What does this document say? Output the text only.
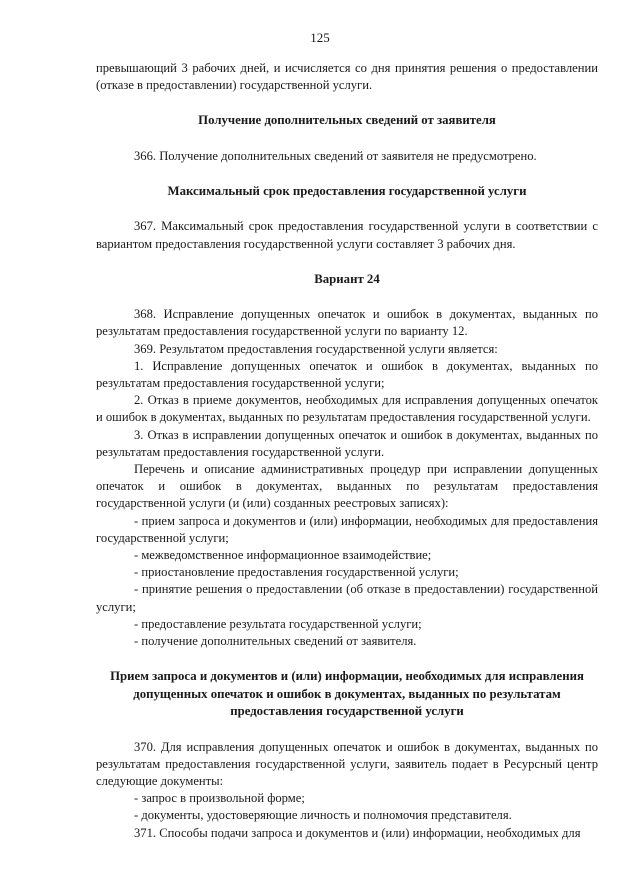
125

превышающий 3 рабочих дней, и исчисляется со дня принятия решения о предоставлении (отказе в предоставлении) государственной услуги.

Получение дополнительных сведений от заявителя

366. Получение дополнительных сведений от заявителя не предусмотрено.

Максимальный срок предоставления государственной услуги

367. Максимальный срок предоставления государственной услуги в соответствии с вариантом предоставления государственной услуги составляет 3 рабочих дня.

Вариант 24

368. Исправление допущенных опечаток и ошибок в документах, выданных по результатам предоставления государственной услуги по варианту 12.

369. Результатом предоставления государственной услуги является:

1. Исправление допущенных опечаток и ошибок в документах, выданных по результатам предоставления государственной услуги;

2. Отказ в приеме документов, необходимых для исправления допущенных опечаток и ошибок в документах, выданных по результатам предоставления государственной услуги.

3. Отказ в исправлении допущенных опечаток и ошибок в документах, выданных по результатам предоставления государственной услуги.

Перечень и описание административных процедур при исправлении допущенных опечаток и ошибок в документах, выданных по результатам предоставления государственной услуги (и (или) созданных реестровых записях):

- прием запроса и документов и (или) информации, необходимых для предоставления государственной услуги;

- межведомственное информационное взаимодействие;

- приостановление предоставления государственной услуги;

- принятие решения о предоставлении (об отказе в предоставлении) государственной услуги;

- предоставление результата государственной услуги;

- получение дополнительных сведений от заявителя.

Прием запроса и документов и (или) информации, необходимых для исправления допущенных опечаток и ошибок в документах, выданных по результатам предоставления государственной услуги

370. Для исправления допущенных опечаток и ошибок в документах, выданных по результатам предоставления государственной услуги, заявитель подает в Ресурсный центр следующие документы:

- запрос в произвольной форме;

- документы, удостоверяющие личность и полномочия представителя.

371. Способы подачи запроса и документов и (или) информации, необходимых для
